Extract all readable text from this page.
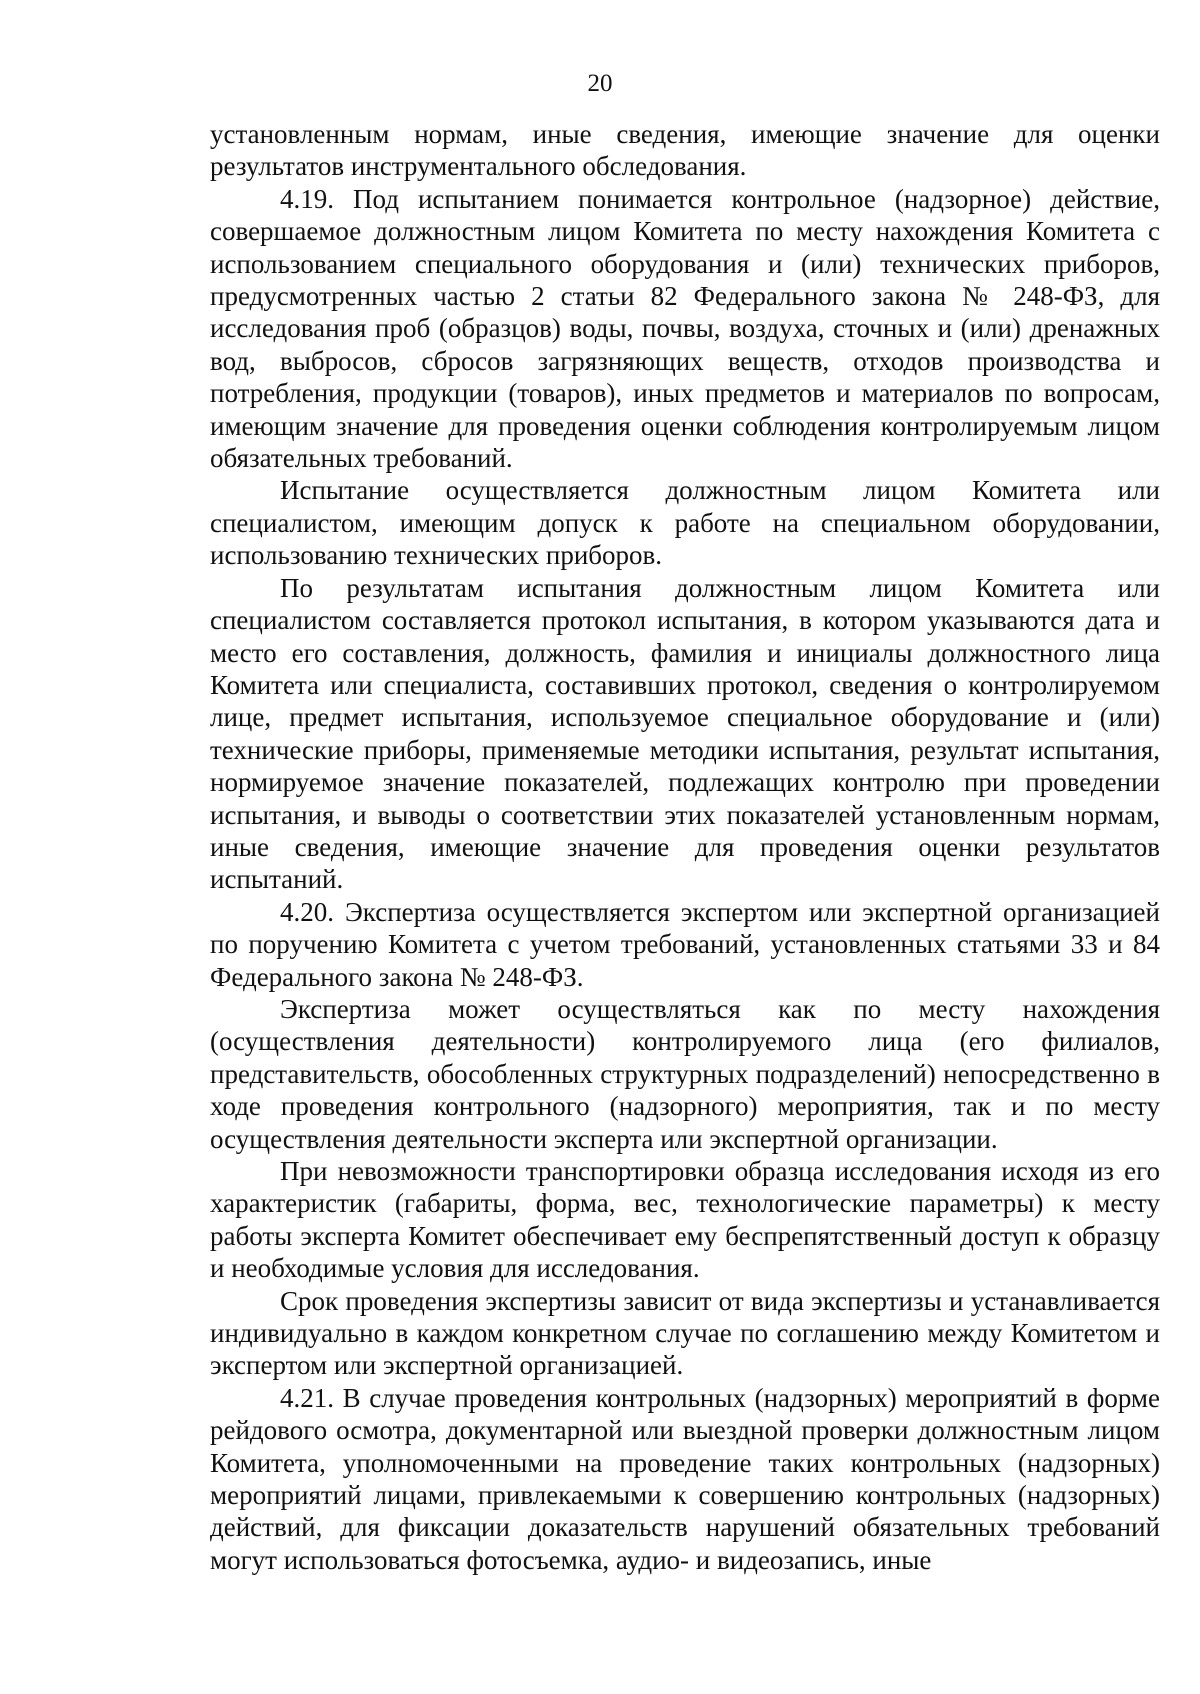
20

установленным нормам, иные сведения, имеющие значение для оценки результатов инструментального обследования.

4.19. Под испытанием понимается контрольное (надзорное) действие, совершаемое должностным лицом Комитета по месту нахождения Комитета с использованием специального оборудования и (или) технических приборов, предусмотренных частью 2 статьи 82 Федерального закона № 248-ФЗ, для исследования проб (образцов) воды, почвы, воздуха, сточных и (или) дренажных вод, выбросов, сбросов загрязняющих веществ, отходов производства и потребления, продукции (товаров), иных предметов и материалов по вопросам, имеющим значение для проведения оценки соблюдения контролируемым лицом обязательных требований.

Испытание осуществляется должностным лицом Комитета или специалистом, имеющим допуск к работе на специальном оборудовании, использованию технических приборов.

По результатам испытания должностным лицом Комитета или специалистом составляется протокол испытания, в котором указываются дата и место его составления, должность, фамилия и инициалы должностного лица Комитета или специалиста, составивших протокол, сведения о контролируемом лице, предмет испытания, используемое специальное оборудование и (или) технические приборы, применяемые методики испытания, результат испытания, нормируемое значение показателей, подлежащих контролю при проведении испытания, и выводы о соответствии этих показателей установленным нормам, иные сведения, имеющие значение для проведения оценки результатов испытаний.

4.20. Экспертиза осуществляется экспертом или экспертной организацией по поручению Комитета с учетом требований, установленных статьями 33 и 84 Федерального закона № 248-ФЗ.

Экспертиза может осуществляться как по месту нахождения (осуществления деятельности) контролируемого лица (его филиалов, представительств, обособленных структурных подразделений) непосредственно в ходе проведения контрольного (надзорного) мероприятия, так и по месту осуществления деятельности эксперта или экспертной организации.

При невозможности транспортировки образца исследования исходя из его характеристик (габариты, форма, вес, технологические параметры) к месту работы эксперта Комитет обеспечивает ему беспрепятственный доступ к образцу и необходимые условия для исследования.

Срок проведения экспертизы зависит от вида экспертизы и устанавливается индивидуально в каждом конкретном случае по соглашению между Комитетом и экспертом или экспертной организацией.

4.21. В случае проведения контрольных (надзорных) мероприятий в форме рейдового осмотра, документарной или выездной проверки должностным лицом Комитета, уполномоченными на проведение таких контрольных (надзорных) мероприятий лицами, привлекаемыми к совершению контрольных (надзорных) действий, для фиксации доказательств нарушений обязательных требований могут использоваться фотосъемка, аудио- и видеозапись, иные
